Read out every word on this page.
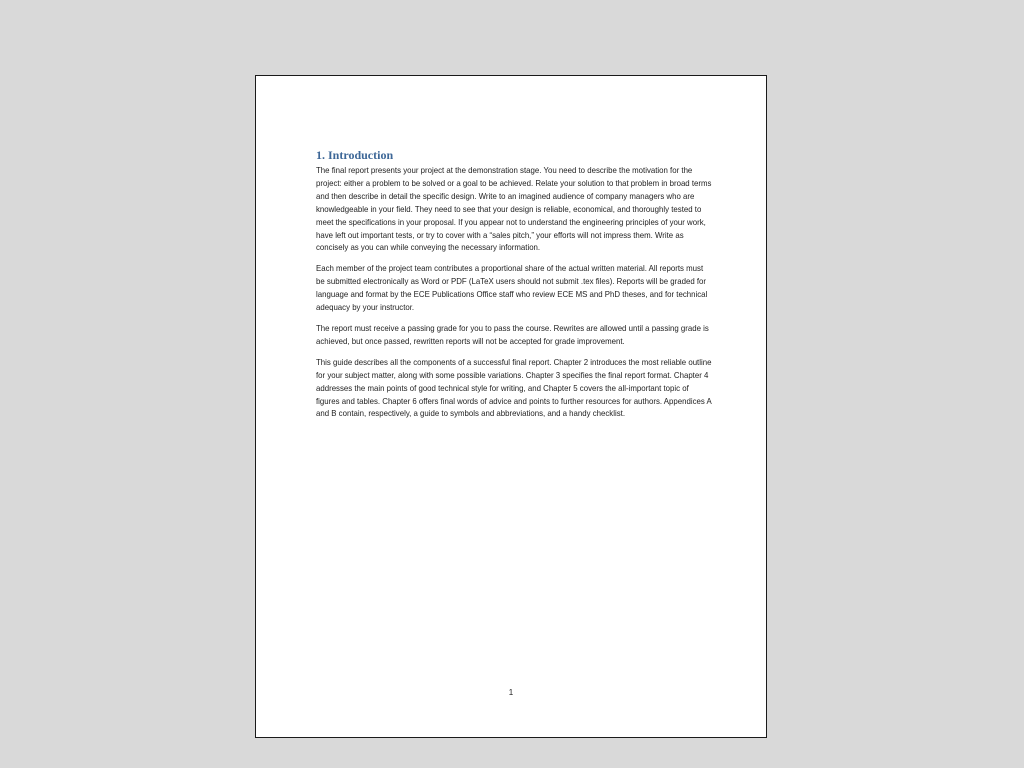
1. Introduction

The final report presents your project at the demonstration stage. You need to describe the motivation for the project: either a problem to be solved or a goal to be achieved. Relate your solution to that problem in broad terms and then describe in detail the specific design. Write to an imagined audience of company managers who are knowledgeable in your field. They need to see that your design is reliable, economical, and thoroughly tested to meet the specifications in your proposal. If you appear not to understand the engineering principles of your work, have left out important tests, or try to cover with a “sales pitch,” your efforts will not impress them. Write as concisely as you can while conveying the necessary information.

Each member of the project team contributes a proportional share of the actual written material. All reports must be submitted electronically as Word or PDF (LaTeX users should not submit .tex files). Reports will be graded for language and format by the ECE Publications Office staff who review ECE MS and PhD theses, and for technical adequacy by your instructor.

The report must receive a passing grade for you to pass the course. Rewrites are allowed until a passing grade is achieved, but once passed, rewritten reports will not be accepted for grade improvement.

This guide describes all the components of a successful final report. Chapter 2 introduces the most reliable outline for your subject matter, along with some possible variations. Chapter 3 specifies the final report format. Chapter 4 addresses the main points of good technical style for writing, and Chapter 5 covers the all-important topic of figures and tables. Chapter 6 offers final words of advice and points to further resources for authors. Appendices A and B contain, respectively, a guide to symbols and abbreviations, and a handy checklist.

1
